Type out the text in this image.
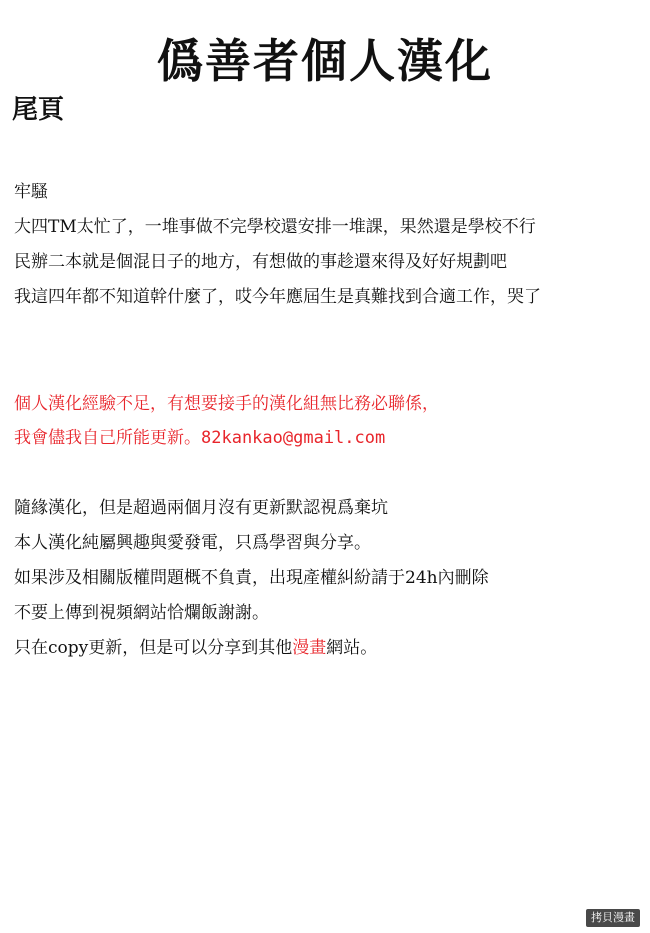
僞善者個人漢化
尾頁
牢騷
大四TM太忙了，一堆事做不完學校還安排一堆課，果然還是學校不行
民辦二本就是個混日子的地方，有想做的事趁還來得及好好規劃吧
我這四年都不知道幹什麼了，哎今年應屆生是真難找到合適工作，哭了
個人漢化經驗不足，有想要接手的漢化組無比務必聯係，
我會儘我自己所能更新。82kankao@gmail.com
隨緣漢化，但是超過兩個月沒有更新默認視爲棄坑
本人漢化純屬興趣與愛發電，只爲學習與分享。
如果涉及相關版權問題概不負責，出現產權糾紛請于24h內刪除
不要上傳到視頻網站恰爛飯謝謝。
只在copy更新，但是可以分享到其他漫畫網站。
拷貝漫畫
